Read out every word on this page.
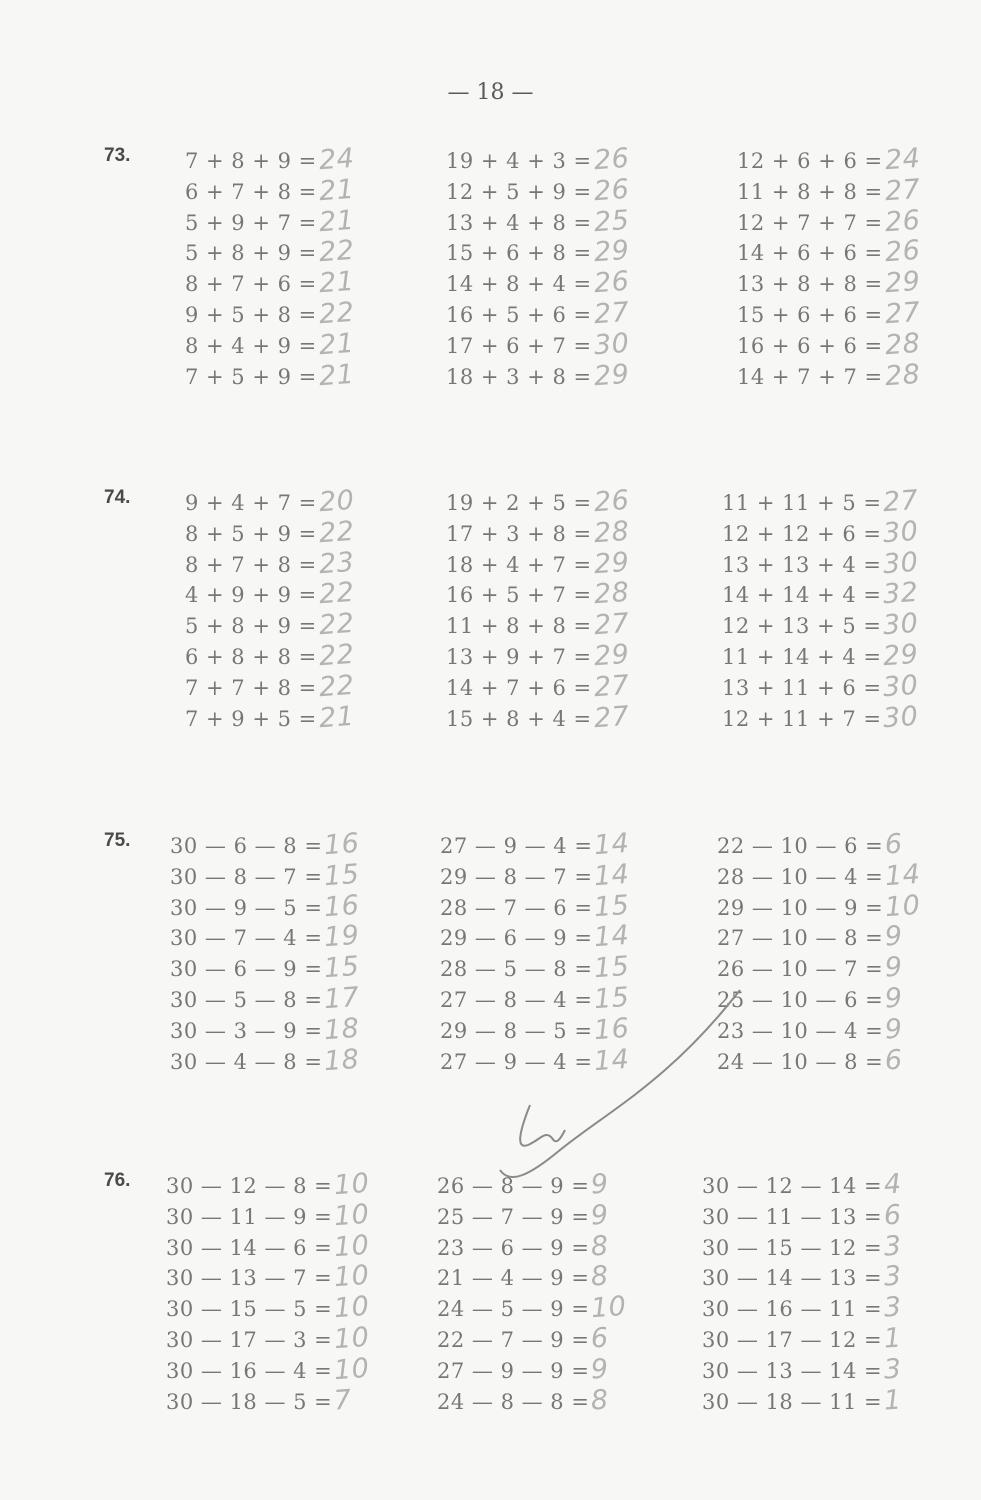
— 18 —
73.	7 + 8 + 9 =24
6 + 7 + 8 =21
5 + 9 + 7 =21
5 + 8 + 9 =22
8 + 7 + 6 =21
9 + 5 + 8 =22
8 + 4 + 9 =21
7 + 5 + 9 =21
19 + 4 + 3 =26
12 + 5 + 9 =26
13 + 4 + 8 =25
15 + 6 + 8 =29
14 + 8 + 4 =26
16 + 5 + 6 =27
17 + 6 + 7 =30
18 + 3 + 8 =29
12 + 6 + 6 =24
11 + 8 + 8 =27
12 + 7 + 7 =26
14 + 6 + 6 =26
13 + 8 + 8 =29
15 + 6 + 6 =27
16 + 6 + 6 =28
14 + 7 + 7 =28
74.	9 + 4 + 7 =20
8 + 5 + 9 =22
8 + 7 + 8 =23
4 + 9 + 9 =22
5 + 8 + 9 =22
6 + 8 + 8 =22
7 + 7 + 8 =22
7 + 9 + 5 =21
19 + 2 + 5 =26
17 + 3 + 8 =28
18 + 4 + 7 =29
16 + 5 + 7 =28
11 + 8 + 8 =27
13 + 9 + 7 =29
14 + 7 + 6 =27
15 + 8 + 4 =27
11 + 11 + 5 =27
12 + 12 + 6 =30
13 + 13 + 4 =30
14 + 14 + 4 =32
12 + 13 + 5 =30
11 + 14 + 4 =29
13 + 11 + 6 =30
12 + 11 + 7 =30
75. 30 — 6 — 8 =16
30 — 8 — 7 =15
30 — 9 — 5 =16
30 — 7 — 4 =19
30 — 6 — 9 =15
30 — 5 — 8 =17
30 — 3 — 9 =18
30 — 4 — 8 =18
27 — 9 — 4 =14
29 — 8 — 7 =14
28 — 7 — 6 =15
29 — 6 — 9 =14
28 — 5 — 8 =15
27 — 8 — 4 =15
29 — 8 — 5 =16
27 — 9 — 4 =14
22 — 10 — 6 =6
28 — 10 — 4 =14
29 — 10 — 9 =10
27 — 10 — 8 =9
26 — 10 — 7 =9
25 — 10 — 6 =9
23 — 10 — 4 =9
24 — 10 — 8 =6
76. 30 — 12 — 8 =10
30 — 11 — 9 =10
30 — 14 — 6 =10
30 — 13 — 7 =10
30 — 15 — 5 =10
30 — 17 — 3 =10
30 — 16 — 4 =10
30 — 18 — 5 =7
26 — 8 — 9 =9
25 — 7 — 9 =9
23 — 6 — 9 =8
21 — 4 — 9 =8
24 — 5 — 9 =10
22 — 7 — 9 =6
27 — 9 — 9 =9
24 — 8 — 8 =8
30 — 12 — 14 =4
30 — 11 — 13 =6
30 — 15 — 12 =3
30 — 14 — 13 =3
30 — 16 — 11 =3
30 — 17 — 12 =1
30 — 13 — 14 =3
30 — 18 — 11 =1
